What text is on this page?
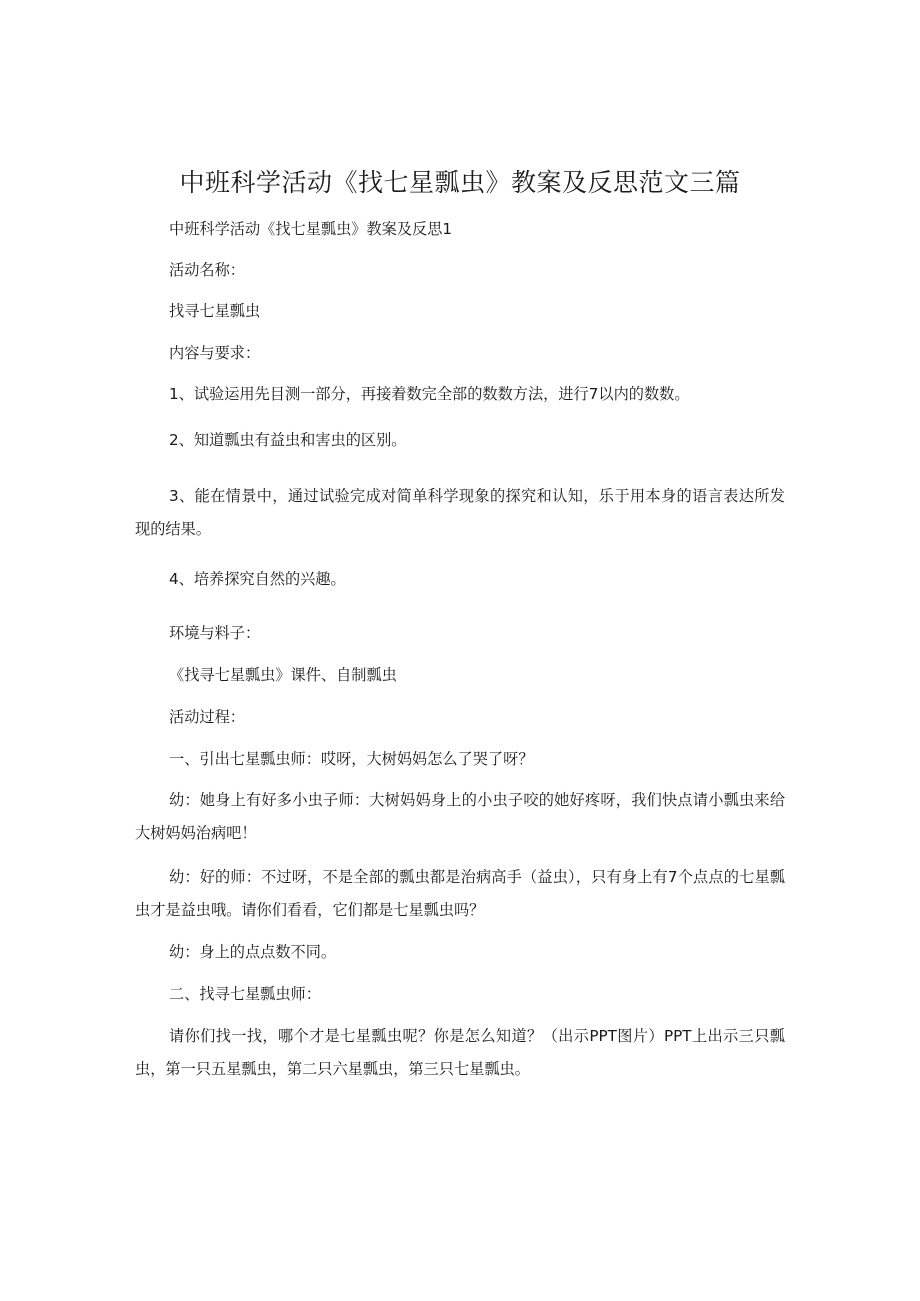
中班科学活动《找七星瓢虫》教案及反思范文三篇

中班科学活动《找七星瓢虫》教案及反思1

活动名称：

找寻七星瓢虫

内容与要求：

1、试验运用先目测一部分，再接着数完全部的数数方法，进行7以内的数数。

2、知道瓢虫有益虫和害虫的区别。

3、能在情景中，通过试验完成对简单科学现象的探究和认知，乐于用本身的语言表达所发现的结果。

4、培养探究自然的兴趣。

环境与料子：

《找寻七星瓢虫》课件、自制瓢虫

活动过程：

一、引出七星瓢虫师：哎呀，大树妈妈怎么了哭了呀？

幼：她身上有好多小虫子师：大树妈妈身上的小虫子咬的她好疼呀，我们快点请小瓢虫来给大树妈妈治病吧！

幼：好的师：不过呀，不是全部的瓢虫都是治病高手（益虫），只有身上有7个点点的七星瓢虫才是益虫哦。请你们看看，它们都是七星瓢虫吗？

幼：身上的点点数不同。

二、找寻七星瓢虫师：

请你们找一找，哪个才是七星瓢虫呢？你是怎么知道？（出示PPT图片）PPT上出示三只瓢虫，第一只五星瓢虫，第二只六星瓢虫，第三只七星瓢虫。
